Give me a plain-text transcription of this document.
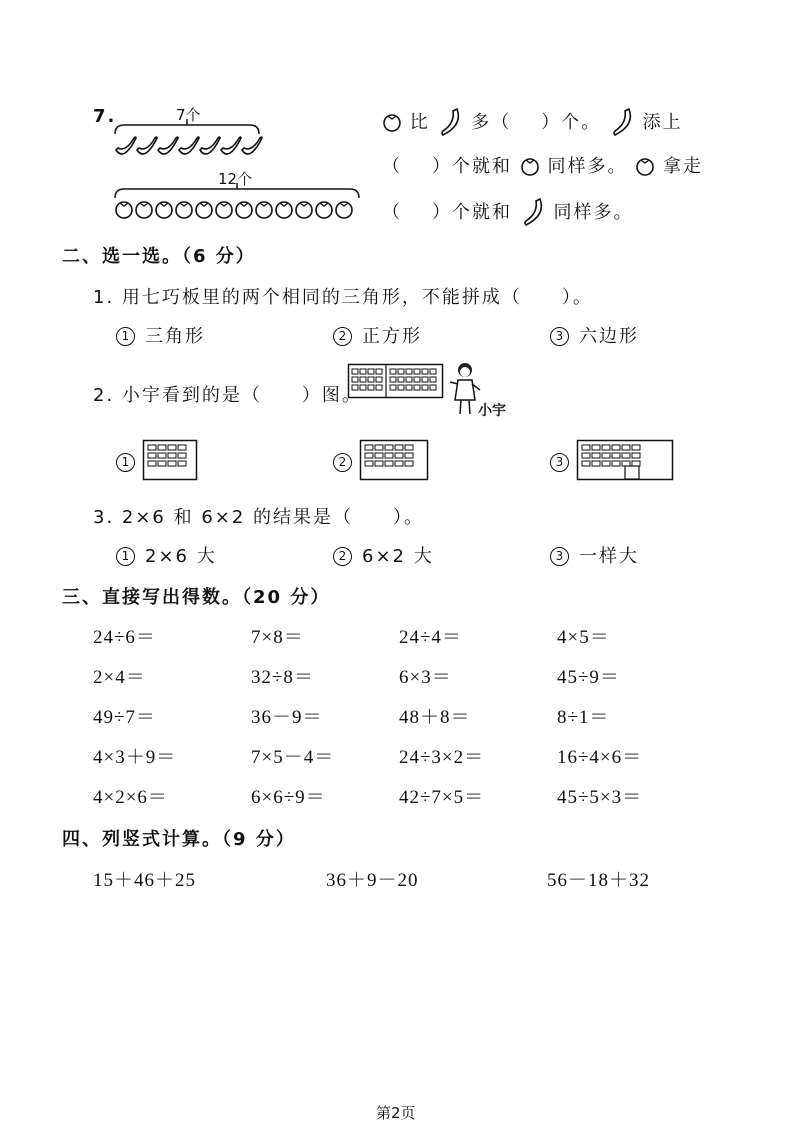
7.	7个
12个
比 多（ ）个。 添上
（ ）个就和 同样多。 拿走
（ ）个就和 同样多。
二、选一选。（6 分）
1. 用七巧板里的两个相同的三角形，不能拼成（　　）。
1 三角形	2 正方形	3 六边形
2. 小宇看到的是（　　）图。
小宇
1	2	3
3. 2×6 和 6×2 的结果是（　　）。
1 2×6 大	2 6×2 大	3 一样大
三、直接写出得数。（20 分）
24÷6＝	7×8＝	24÷4＝	4×5＝
2×4＝	32÷8＝	6×3＝	45÷9＝
49÷7＝	36－9＝	48＋8＝	8÷1＝
4×3＋9＝	7×5－4＝	24÷3×2＝	16÷4×6＝
4×2×6＝	6×6÷9＝	42÷7×5＝	45÷5×3＝
四、列竖式计算。（9 分）
15＋46＋25	36＋9－20	56－18＋32
第2页
